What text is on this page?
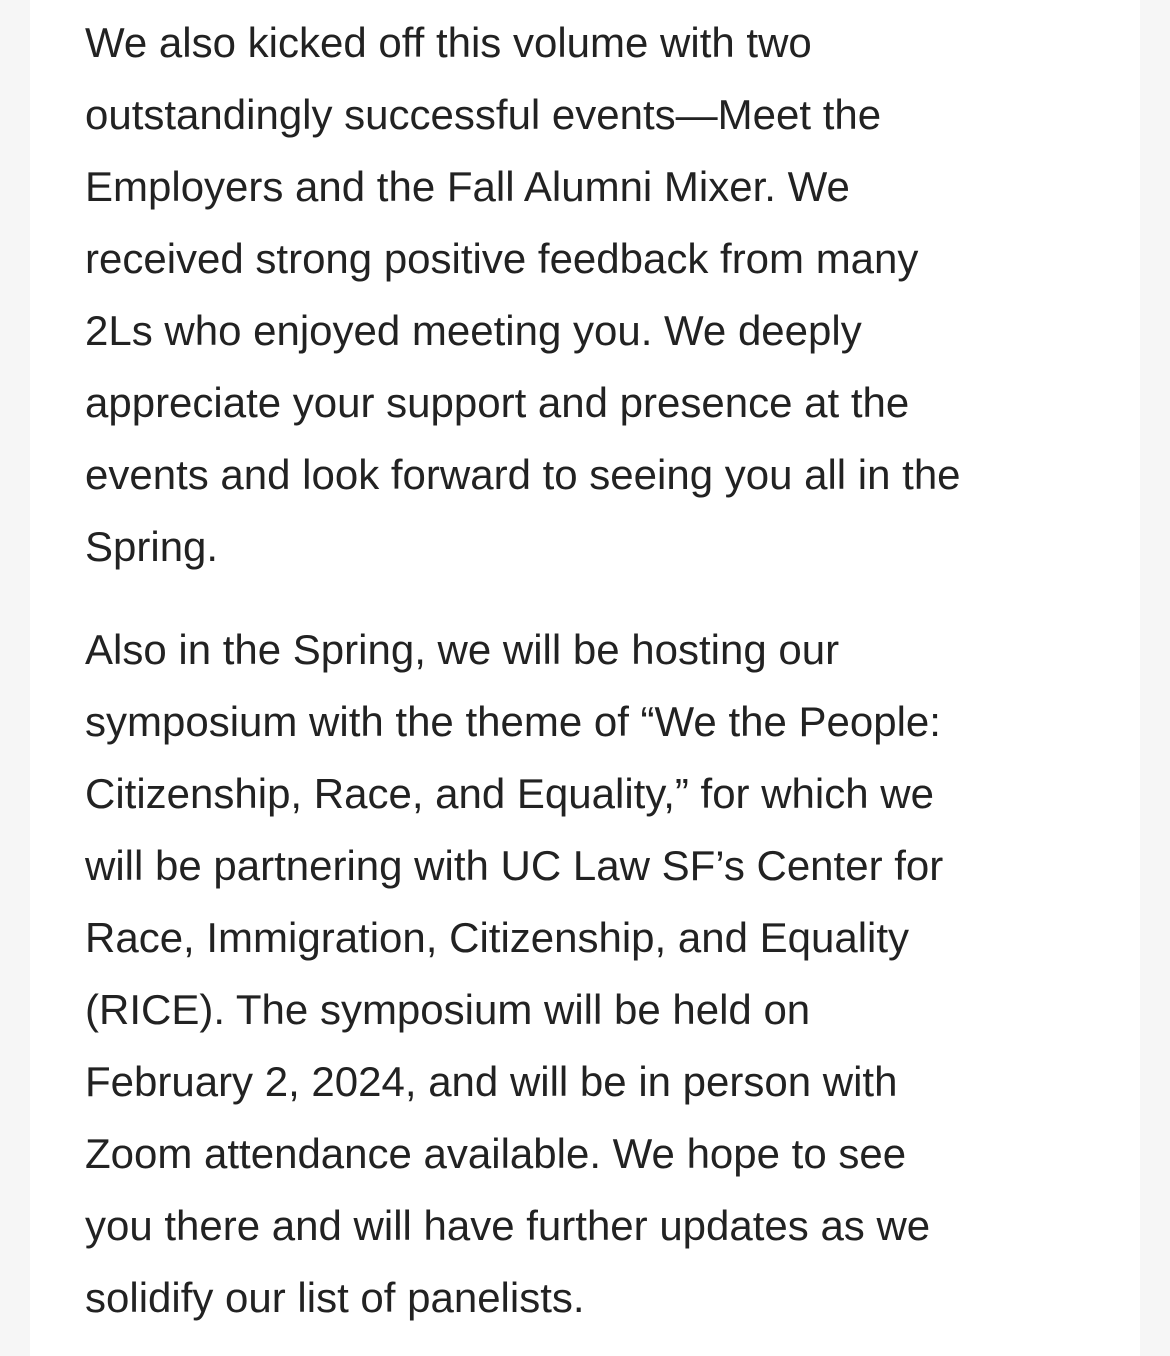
We also kicked off this volume with two
outstandingly successful events—Meet the
Employers and the Fall Alumni Mixer. We
received strong positive feedback from many
2Ls who enjoyed meeting you. We deeply
appreciate your support and presence at the
events and look forward to seeing you all in the
Spring.

Also in the Spring, we will be hosting our
symposium with the theme of “We the People:
Citizenship, Race, and Equality,” for which we
will be partnering with UC Law SF’s Center for
Race, Immigration, Citizenship, and Equality
(RICE). The symposium will be held on
February 2, 2024, and will be in person with
Zoom attendance available. We hope to see
you there and will have further updates as we
solidify our list of panelists.
